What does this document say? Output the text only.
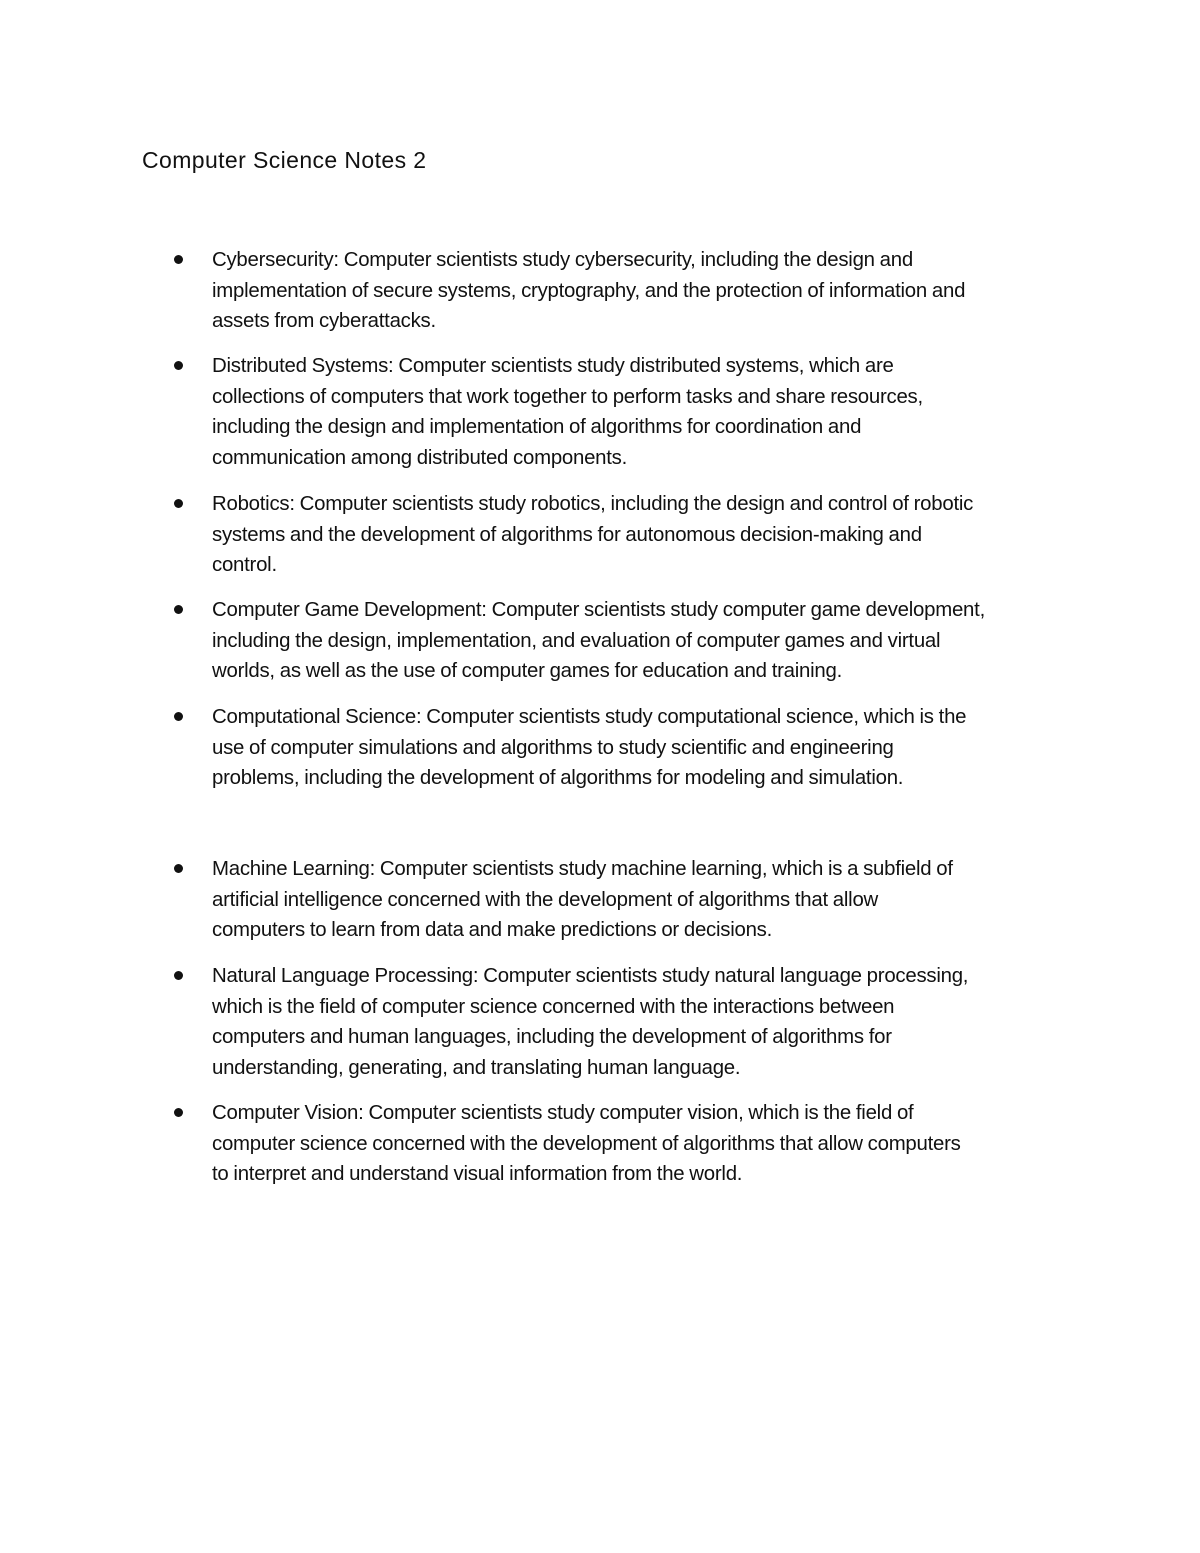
Computer Science Notes 2
Cybersecurity: Computer scientists study cybersecurity, including the design and
implementation of secure systems, cryptography, and the protection of information and
assets from cyberattacks.
Distributed Systems: Computer scientists study distributed systems, which are
collections of computers that work together to perform tasks and share resources,
including the design and implementation of algorithms for coordination and
communication among distributed components.
Robotics: Computer scientists study robotics, including the design and control of robotic
systems and the development of algorithms for autonomous decision-making and
control.
Computer Game Development: Computer scientists study computer game development,
including the design, implementation, and evaluation of computer games and virtual
worlds, as well as the use of computer games for education and training.
Computational Science: Computer scientists study computational science, which is the
use of computer simulations and algorithms to study scientific and engineering
problems, including the development of algorithms for modeling and simulation.
Machine Learning: Computer scientists study machine learning, which is a subfield of
artificial intelligence concerned with the development of algorithms that allow
computers to learn from data and make predictions or decisions.
Natural Language Processing: Computer scientists study natural language processing,
which is the field of computer science concerned with the interactions between
computers and human languages, including the development of algorithms for
understanding, generating, and translating human language.
Computer Vision: Computer scientists study computer vision, which is the field of
computer science concerned with the development of algorithms that allow computers
to interpret and understand visual information from the world.
